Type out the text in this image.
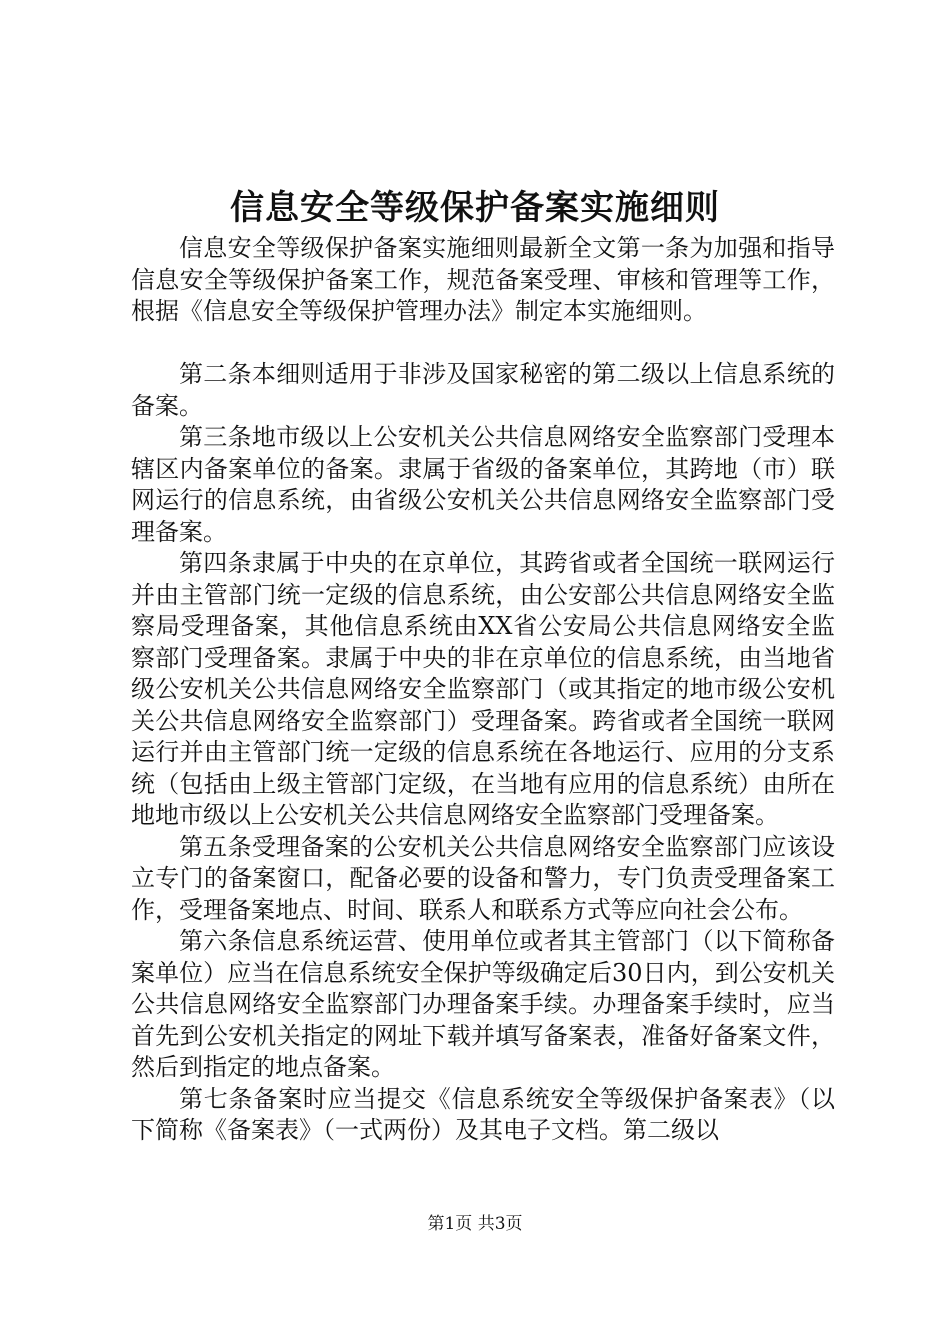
信息安全等级保护备案实施细则

信息安全等级保护备案实施细则最新全文第一条为加强和指导信息安全等级保护备案工作，规范备案受理、审核和管理等工作，根据《信息安全等级保护管理办法》制定本实施细则。

第二条本细则适用于非涉及国家秘密的第二级以上信息系统的备案。

第三条地市级以上公安机关公共信息网络安全监察部门受理本辖区内备案单位的备案。隶属于省级的备案单位，其跨地（市）联网运行的信息系统，由省级公安机关公共信息网络安全监察部门受理备案。

第四条隶属于中央的在京单位，其跨省或者全国统一联网运行并由主管部门统一定级的信息系统，由公安部公共信息网络安全监察局受理备案，其他信息系统由XX省公安局公共信息网络安全监察部门受理备案。隶属于中央的非在京单位的信息系统，由当地省级公安机关公共信息网络安全监察部门（或其指定的地市级公安机关公共信息网络安全监察部门）受理备案。跨省或者全国统一联网运行并由主管部门统一定级的信息系统在各地运行、应用的分支系统（包括由上级主管部门定级，在当地有应用的信息系统）由所在地地市级以上公安机关公共信息网络安全监察部门受理备案。

第五条受理备案的公安机关公共信息网络安全监察部门应该设立专门的备案窗口，配备必要的设备和警力，专门负责受理备案工作，受理备案地点、时间、联系人和联系方式等应向社会公布。

第六条信息系统运营、使用单位或者其主管部门（以下简称备案单位）应当在信息系统安全保护等级确定后30日内，到公安机关公共信息网络安全监察部门办理备案手续。办理备案手续时，应当首先到公安机关指定的网址下载并填写备案表，准备好备案文件，然后到指定的地点备案。

第七条备案时应当提交《信息系统安全等级保护备案表》（以下简称《备案表》（一式两份）及其电子文档。第二级以

第1页 共3页
